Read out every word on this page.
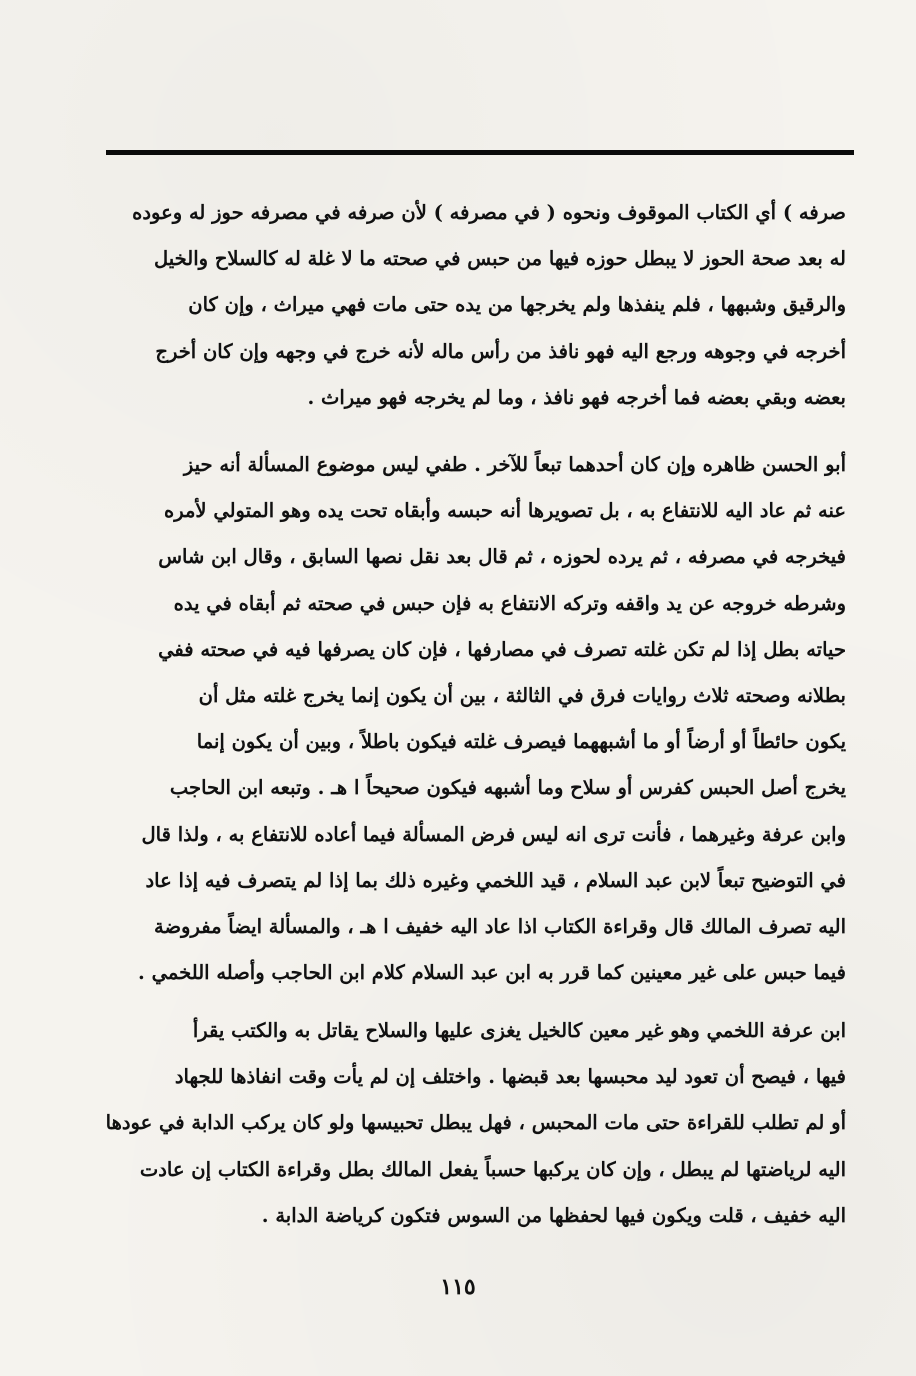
صرفه ) أي الكتاب الموقوف ونحوه ( في مصرفه ) لأن صرفه في مصرفه حوز له وعوده
له بعد صحة الحوز لا يبطل حوزه فيها من حبس في صحته ما لا غلة له كالسلاح والخيل
والرقيق وشبهها ، فلم ينفذها ولم يخرجها من يده حتى مات فهي ميراث ، وإن كان
أخرجه في وجوهه ورجع اليه فهو نافذ من رأس ماله لأنه خرج في وجهه وإن كان أخرج
بعضه وبقي بعضه فما أخرجه فهو نافذ ، وما لم يخرجه فهو ميراث .
أبو الحسن ظاهره وإن كان أحدهما تبعاً للآخر . طفي ليس موضوع المسألة أنه حيز
عنه ثم عاد اليه للانتفاع به ، بل تصويرها أنه حبسه وأبقاه تحت يده وهو المتولي لأمره
فيخرجه في مصرفه ، ثم يرده لحوزه ، ثم قال بعد نقل نصها السابق ، وقال ابن شاس
وشرطه خروجه عن يد واقفه وتركه الانتفاع به فإن حبس في صحته ثم أبقاه في يده
حياته بطل إذا لم تكن غلته تصرف في مصارفها ، فإن كان يصرفها فيه في صحته ففي
بطلانه وصحته ثلاث روايات فرق في الثالثة ، بين أن يكون إنما يخرج غلته مثل أن
يكون حائطاً أو أرضاً أو ما أشبههما فيصرف غلته فيكون باطلاً ، وبين أن يكون إنما
يخرج أصل الحبس كفرس أو سلاح وما أشبهه فيكون صحيحاً ا هـ . وتبعه ابن الحاجب
وابن عرفة وغيرهما ، فأنت ترى انه ليس فرض المسألة فيما أعاده للانتفاع به ، ولذا قال
في التوضيح تبعاً لابن عبد السلام ، قيد اللخمي وغيره ذلك بما إذا لم يتصرف فيه إذا عاد
اليه تصرف المالك قال وقراءة الكتاب اذا عاد اليه خفيف ا هـ ، والمسألة ايضاً مفروضة
فيما حبس على غير معينين كما قرر به ابن عبد السلام كلام ابن الحاجب وأصله اللخمي .
ابن عرفة اللخمي وهو غير معين كالخيل يغزى عليها والسلاح يقاتل به والكتب يقرأ
فيها ، فيصح أن تعود ليد محبسها بعد قبضها . واختلف إن لم يأت وقت انفاذها للجهاد
أو لم تطلب للقراءة حتى مات المحبس ، فهل يبطل تحبيسها ولو كان يركب الدابة في عودها
اليه لرياضتها لم يبطل ، وإن كان يركبها حسباً يفعل المالك بطل وقراءة الكتاب إن عادت
اليه خفيف ، قلت ويكون فيها لحفظها من السوس فتكون كرياضة الدابة .
١١٥
